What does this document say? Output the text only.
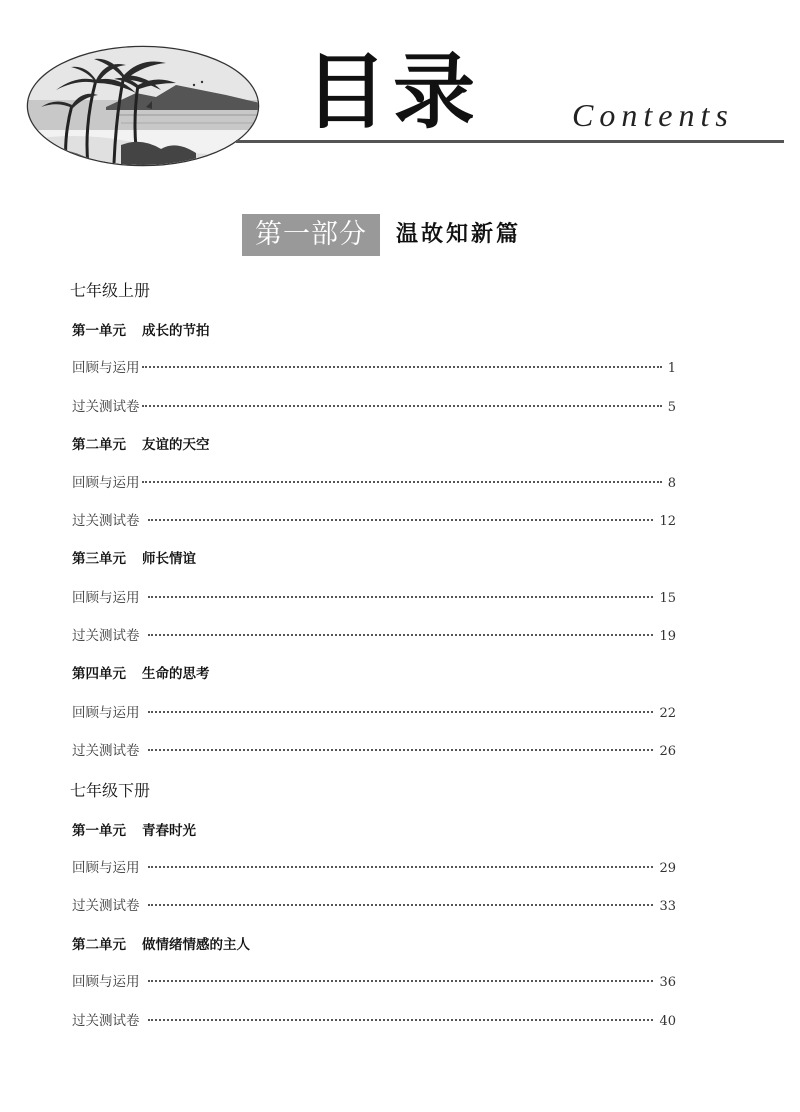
目录	Contents
第一部分	温故知新篇
七年级上册
第一单元 成长的节拍
回顾与运用	1
过关测试卷	5
第二单元 友谊的天空
回顾与运用	8
过关测试卷	12
第三单元 师长情谊
回顾与运用	15
过关测试卷	19
第四单元 生命的思考
回顾与运用	22
过关测试卷	26
七年级下册
第一单元 青春时光
回顾与运用	29
过关测试卷	33
第二单元 做情绪情感的主人
回顾与运用	36
过关测试卷	40
